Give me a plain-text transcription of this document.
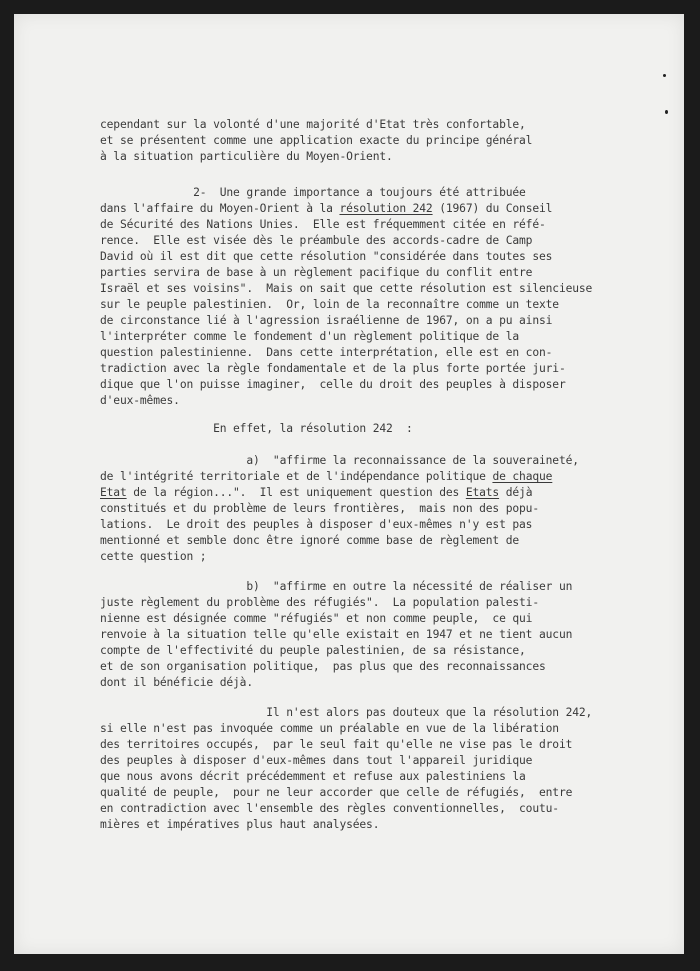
cependant sur la volonté d'une majorité d'Etat très confortable,
et se présentent comme une application exacte du principe général
à la situation particulière du Moyen-Orient.
2-  Une grande importance a toujours été attribuée
dans l'affaire du Moyen-Orient à la résolution 242 (1967) du Conseil
de Sécurité des Nations Unies.  Elle est fréquemment citée en réfé-
rence.  Elle est visée dès le préambule des accords-cadre de Camp
David où il est dit que cette résolution "considérée dans toutes ses
parties servira de base à un règlement pacifique du conflit entre
Israël et ses voisins".  Mais on sait que cette résolution est silencieuse
sur le peuple palestinien.  Or, loin de la reconnaître comme un texte
de circonstance lié à l'agression israélienne de 1967, on a pu ainsi
l'interpréter comme le fondement d'un règlement politique de la
question palestinienne.  Dans cette interprétation, elle est en con-
tradiction avec la règle fondamentale et de la plus forte portée juri-
dique que l'on puisse imaginer,  celle du droit des peuples à disposer
d'eux-mêmes.
En effet, la résolution 242  :
a)  "affirme la reconnaissance de la souveraineté,
de l'intégrité territoriale et de l'indépendance politique de chaque
Etat de la région...".  Il est uniquement question des Etats déjà
constitués et du problème de leurs frontières,  mais non des popu-
lations.  Le droit des peuples à disposer d'eux-mêmes n'y est pas
mentionné et semble donc être ignoré comme base de règlement de
cette question ;
b)  "affirme en outre la nécessité de réaliser un
juste règlement du problème des réfugiés".  La population palesti-
nienne est désignée comme "réfugiés" et non comme peuple,  ce qui
renvoie à la situation telle qu'elle existait en 1947 et ne tient aucun
compte de l'effectivité du peuple palestinien, de sa résistance,
et de son organisation politique,  pas plus que des reconnaissances
dont il bénéficie déjà.
Il n'est alors pas douteux que la résolution 242,
si elle n'est pas invoquée comme un préalable en vue de la libération
des territoires occupés,  par le seul fait qu'elle ne vise pas le droit
des peuples à disposer d'eux-mêmes dans tout l'appareil juridique
que nous avons décrit précédemment et refuse aux palestiniens la
qualité de peuple,  pour ne leur accorder que celle de réfugiés,  entre
en contradiction avec l'ensemble des règles conventionnelles,  coutu-
mières et impératives plus haut analysées.
